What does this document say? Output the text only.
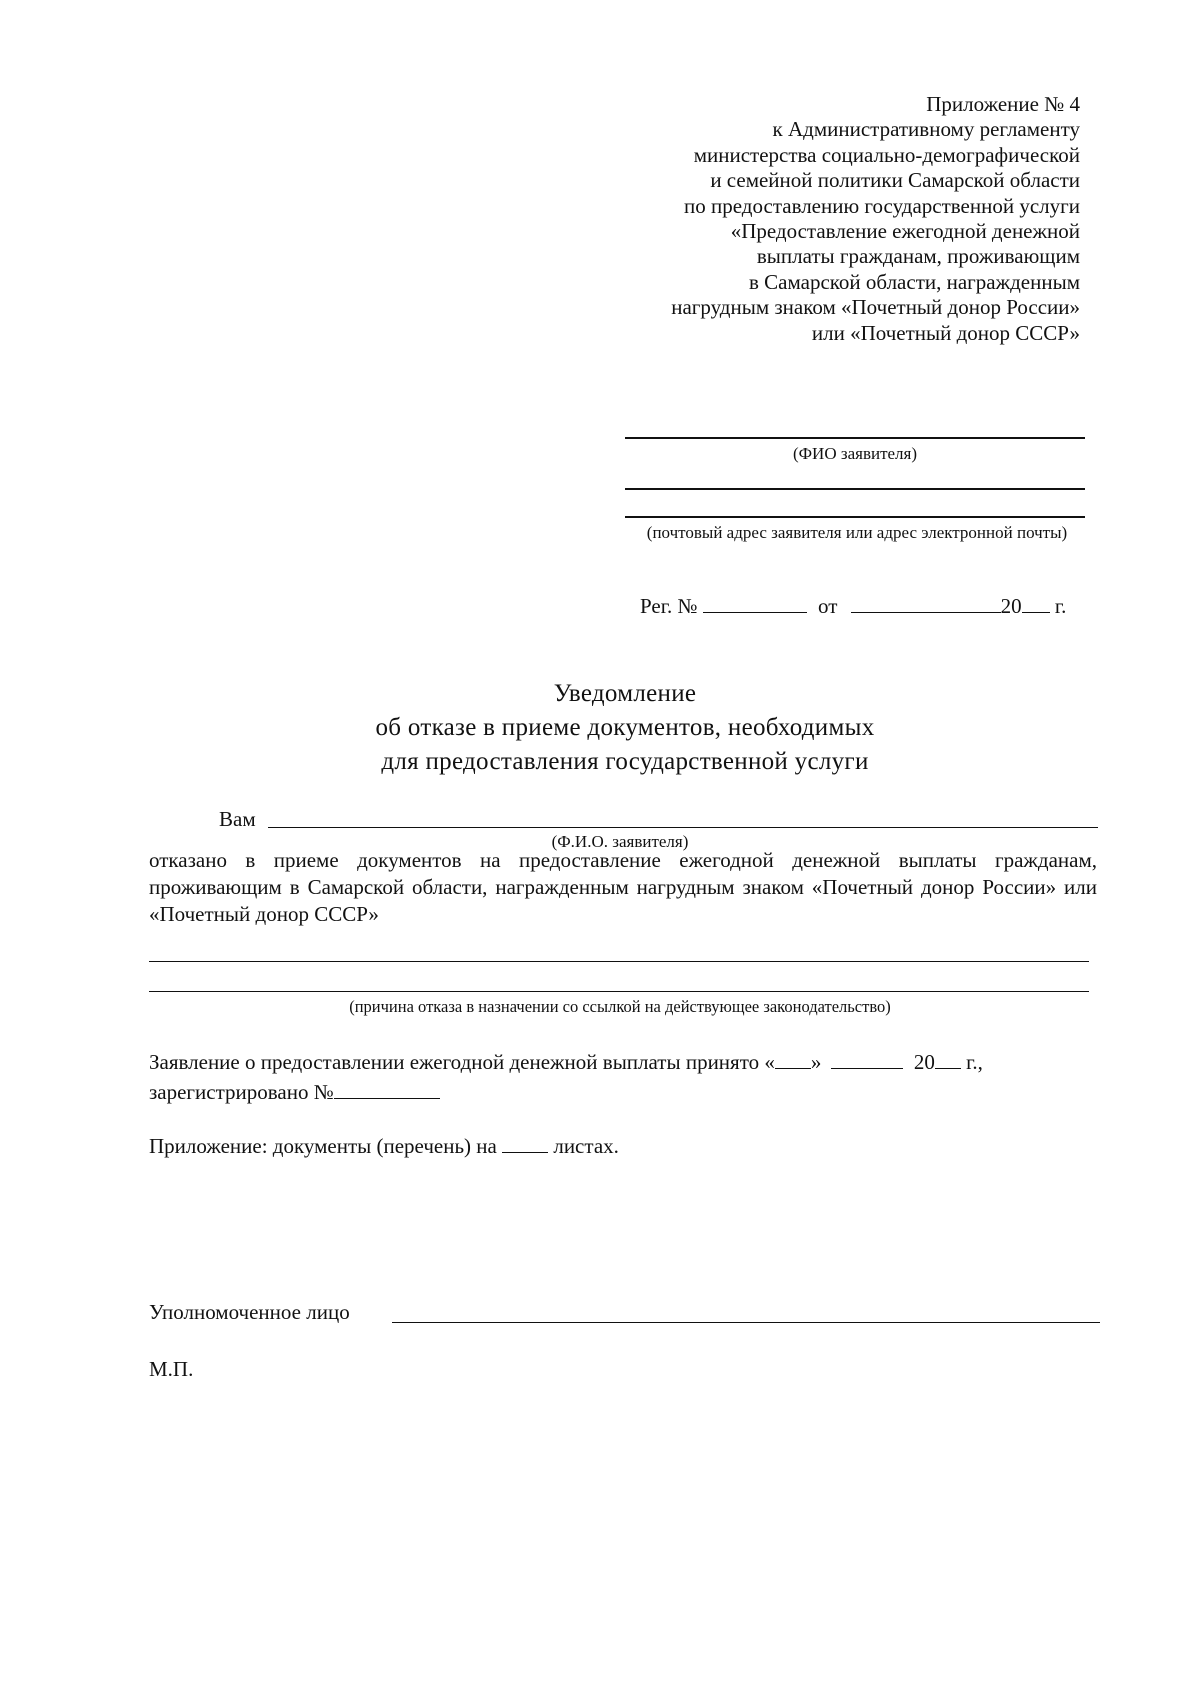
Приложение № 4
к Административному регламенту
министерства социально-демографической
и семейной политики Самарской области
по предоставлению государственной услуги
«Предоставление ежегодной денежной
выплаты гражданам, проживающим
в Самарской области, награжденным
нагрудным знаком «Почетный донор России»
или «Почетный донор СССР»
(ФИО заявителя)
(почтовый адрес заявителя или адрес электронной почты)
Рег. №	от	20 г.
Уведомление
об отказе в приеме документов, необходимых
для предоставления государственной услуги
Вам
(Ф.И.О. заявителя)
отказано в приеме документов на предоставление ежегодной денежной выплаты гражданам, проживающим в Самарской области, награжденным нагрудным знаком «Почетный донор России» или «Почетный донор СССР»
(причина отказа в назначении со ссылкой на действующее законодательство)
Заявление о предоставлении ежегодной денежной выплаты принято « »	20 г.,
зарегистрировано №
Приложение: документы (перечень) на	листах.
Уполномоченное лицо
М.П.
